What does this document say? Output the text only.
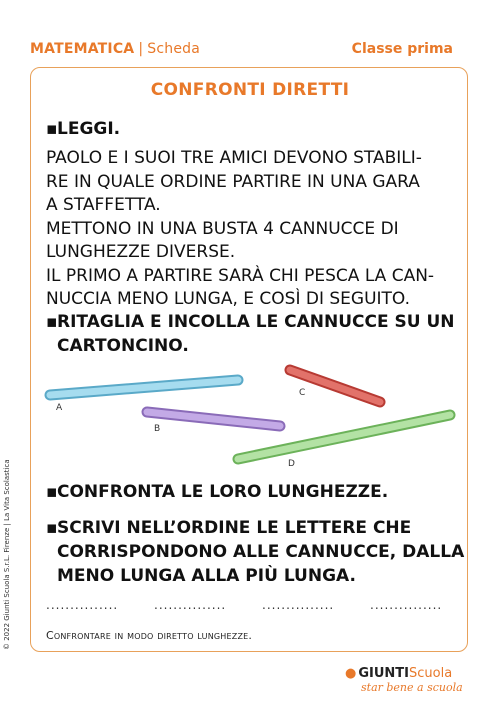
MATEMATICA | Scheda	Classe prima
CONFRONTI DIRETTI
▪LEGGI.
PAOLO E I SUOI TRE AMICI DEVONO STABILI-
RE IN QUALE ORDINE PARTIRE IN UNA GARA
A STAFFETTA.
METTONO IN UNA BUSTA 4 CANNUCCE DI
LUNGHEZZE DIVERSE.
IL PRIMO A PARTIRE SARÀ CHI PESCA LA CAN-
NUCCIA MENO LUNGA, E COSÌ DI SEGUITO.
▪RITAGLIA E INCOLLA LE CANNUCCE SU UN
CARTONCINO.
A
C
B
D
▪CONFRONTA LE LORO LUNGHEZZE.
▪SCRIVI NELL’ORDINE LE LETTERE CHE
CORRISPONDONO ALLE CANNUCCE, DALLA
MENO LUNGA ALLA PIÙ LUNGA.
...............	...............	...............	...............
Confrontare in modo diretto lunghezze.
© 2022 Giunti Scuola S.r.L. Firenze | La Vita Scolastica
● GIUNTIScuola
star bene a scuola
